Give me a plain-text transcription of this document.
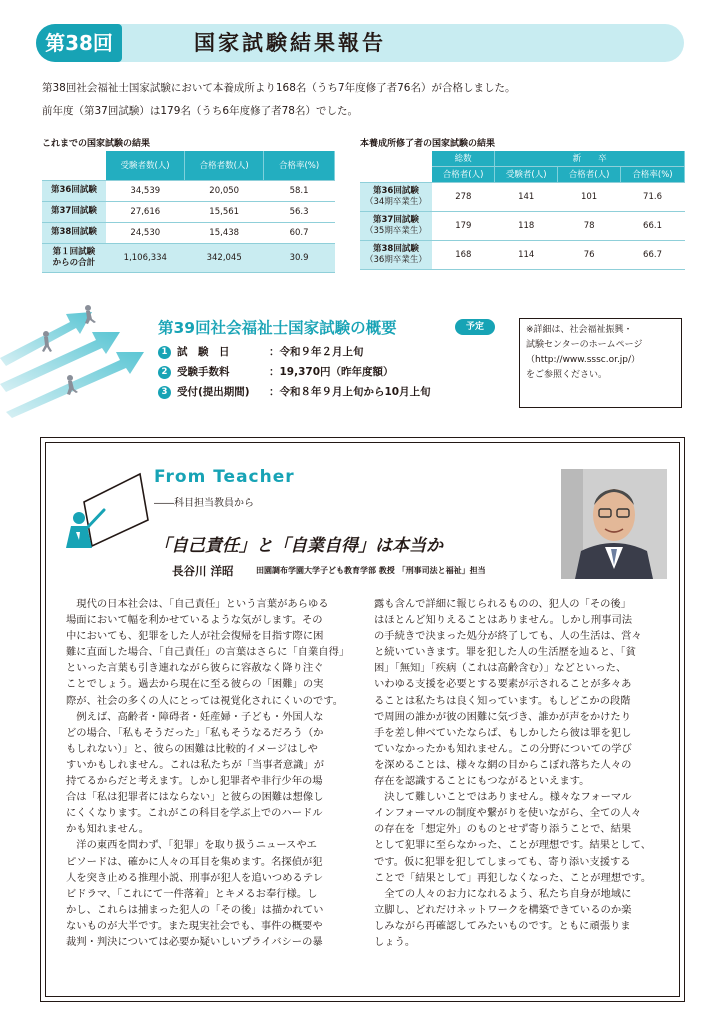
第38回	国家試験結果報告

第38回社会福祉士国家試験において本養成所より168名（うち7年度修了者76名）が合格しました。

前年度（第37回試験）は179名（うち6年度修了者78名）でした。

これまでの国家試験の結果

	受験者数(人)	合格者数(人)	合格率(%)
第36回試験	34,539	20,050	58.1
第37回試験	27,616	15,561	56.3
第38回試験	24,530	15,438	60.7
第１回試験
からの合計	1,106,334	342,045	30.9

本養成所修了者の国家試験の結果

	総数	新　　卒		
	合格者(人)	受験者(人)	合格者(人)	合格率(%)
第36回試験
（34期卒業生）	278	141	101	71.6
第37回試験
（35期卒業生）	179	118	78	66.1
第38回試験
（36期卒業生）	168	114	76	66.7

第39回社会福祉士国家試験の概要	予定
1 試　験　日	：令和９年２月上旬
2 受験手数料	：19,370円（昨年度額）
3 受付(提出期間) ：令和８年９月上旬から10月上旬

※詳細は、社会福祉振興・

試験センターのホームページ

（http://www.sssc.or.jp/）

をご参照ください。

From Teacher

――科目担当教員から

「自己責任」と「自業自得」は本当か

長谷川 洋昭	田園調布学園大学子ども教育学部 教授 「刑事司法と福祉」担当

　現代の日本社会は、「自己責任」という言葉があらゆる

場面において幅を利かせているような気がします。その

中においても、犯罪をした人が社会復帰を目指す際に困

難に直面した場合、「自己責任」の言葉はさらに「自業自得」

といった言葉も引き連れながら彼らに容赦なく降り注ぐ

ことでしょう。過去から現在に至る彼らの「困難」の実

際が、社会の多くの人にとっては視覚化されにくいのです。

　例えば、高齢者・障碍者・妊産婦・子ども・外国人な

どの場合、「私もそうだった」「私もそうなるだろう（か

もしれない）」と、彼らの困難は比較的イメージはしや

すいかもしれません。これは私たちが「当事者意識」が

持てるからだと考えます。しかし犯罪者や非行少年の場

合は「私は犯罪者にはならない」と彼らの困難は想像し

にくくなります。これがこの科目を学ぶ上でのハードル

かも知れません。

　洋の東西を問わず、「犯罪」を取り扱うニュースやエ

ピソードは、確かに人々の耳目を集めます。名探偵が犯

人を突き止める推理小説、刑事が犯人を追いつめるテレ

ビドラマ、「これにて一件落着」とキメるお奉行様。し

かし、これらは捕まった犯人の「その後」は描かれてい

ないものが大半です。また現実社会でも、事件の概要や

裁判・判決については必要か疑いしいプライバシーの暴

露も含んで詳細に報じられるものの、犯人の「その後」

はほとんど知りえることはありません。しかし刑事司法

の手続きで決まった処分が終了しても、人の生活は、営々

と続いていきます。罪を犯した人の生活歴を辿ると、「貧

困」「無知」「疾病（これは高齢含む）」などといった、

いわゆる支援を必要とする要素が示されることが多々あ

ることは私たちは良く知っています。もしどこかの段階

で周囲の誰かが彼の困難に気づき、誰かが声をかけたり

手を差し伸べていたならば、もしかしたら彼は罪を犯し

ていなかったかも知れません。この分野についての学び

を深めることは、様々な網の目からこぼれ落ちた人々の

存在を認識することにもつながるといえます。

　決して難しいことではありません。様々なフォーマル

インフォーマルの制度や繋がりを使いながら、全ての人々

の存在を「想定外」のものとせず寄り添うことで、結果

として犯罪に至らなかった、ことが理想です。結果として、

です。仮に犯罪を犯してしまっても、寄り添い支援する

ことで「結果として」再犯しなくなった、ことが理想です。

　全ての人々のお力になれるよう、私たち自身が地域に

立脚し、どれだけネットワークを構築できているのか楽

しみながら再確認してみたいものです。ともに頑張りま

しょう。
